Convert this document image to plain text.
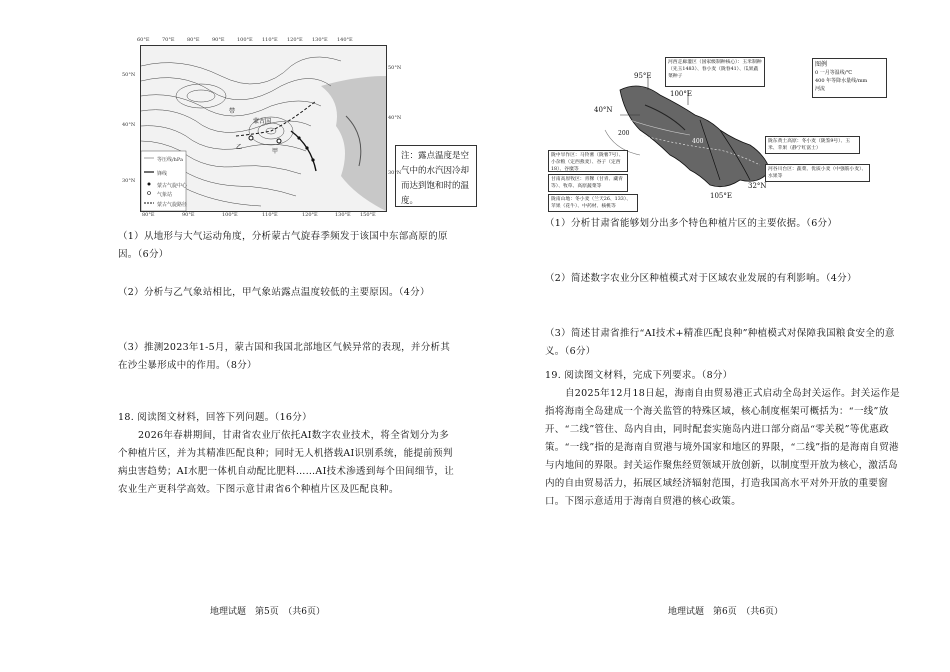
等压线/hPa
锋线
蒙古气旋中心
气象站
蒙古气旋路径
蒙古国
甲
乙
带
60°E 70°E 80°E 90°E 100°E 110°E 120°E 130°E 140°E
80°E	90°E	100°E	110°E	120°E	130°E 150°E
50°N
40°N
30°N
50°N
40°N
30°N
注：露点温度是空气中的水汽因冷却而达到饱和时的温度。
（1）从地形与大气运动角度，分析蒙古气旋春季频发于该国中东部高原的原因。（6分）
（2）分析与乙气象站相比，甲气象站露点温度较低的主要原因。（4分）
（3）推测2023年1-5月，蒙古国和我国北部地区气候异常的表现，并分析其在沙尘暴形成中的作用。（8分）
18. 阅读图文材料，回答下列问题。（16分）
2026年春耕期间，甘肃省农业厅依托AI数字农业技术，将全省划分为多个种植片区，并为其精准匹配良种；同时无人机搭载AI识别系统，能提前预判病虫害趋势；AI水肥一体机自动配比肥料……AI技术渗透到每个田间细节，让农业生产更科学高效。下图示意甘肃省6个种植片区及匹配良种。
地理试题　第5页　（共6页）
95°E
100°E
105°E
40°N
32°N
200
400
图例
0 一月等温线/℃
400 年等降水量线/mm
河流
河西走廊灌区（国家级制种核心）：玉米制种（先玉1483）、春小麦（陇春41）、瓜果蔬菜种子
陇东黄土高原：冬小麦（陇鉴9号）、玉米、苹果（静宁红富士）
陇中旱作区：马铃薯（陇薯7号）、小杂粮（定西燕麦）、谷子（定西18）、谷糜等
甘南高原牧区：青稞（甘青、藏青等）、牧草、高原蔬菜等
陇南山地：冬小麦（兰天26、133）、苹果（花牛）、中药材、核桃等
河谷川台区：蔬菜、优质小麦（中强筋小麦）、水果等
（1）分析甘肃省能够划分出多个特色种植片区的主要依据。（6分）
（2）简述数字农业分区种植模式对于区域农业发展的有利影响。（4分）
（3）简述甘肃省推行“AI技术+精准匹配良种”种植模式对保障我国粮食安全的意义。（6分）
19. 阅读图文材料，完成下列要求。（8分）
自2025年12月18日起，海南自由贸易港正式启动全岛封关运作。封关运作是指将海南全岛建成一个海关监管的特殊区域，核心制度框架可概括为：“一线”放开、“二线”管住、岛内自由，同时配套实施岛内进口部分商品“零关税”等优惠政策。“一线”指的是海南自贸港与境外国家和地区的界限，“二线”指的是海南自贸港与内地间的界限。封关运作聚焦经贸领域开放创新，以制度型开放为核心，激活岛内的自由贸易活力，拓展区域经济辐射范围，打造我国高水平对外开放的重要窗口。下图示意适用于海南自贸港的核心政策。
地理试题　第6页　（共6页）
